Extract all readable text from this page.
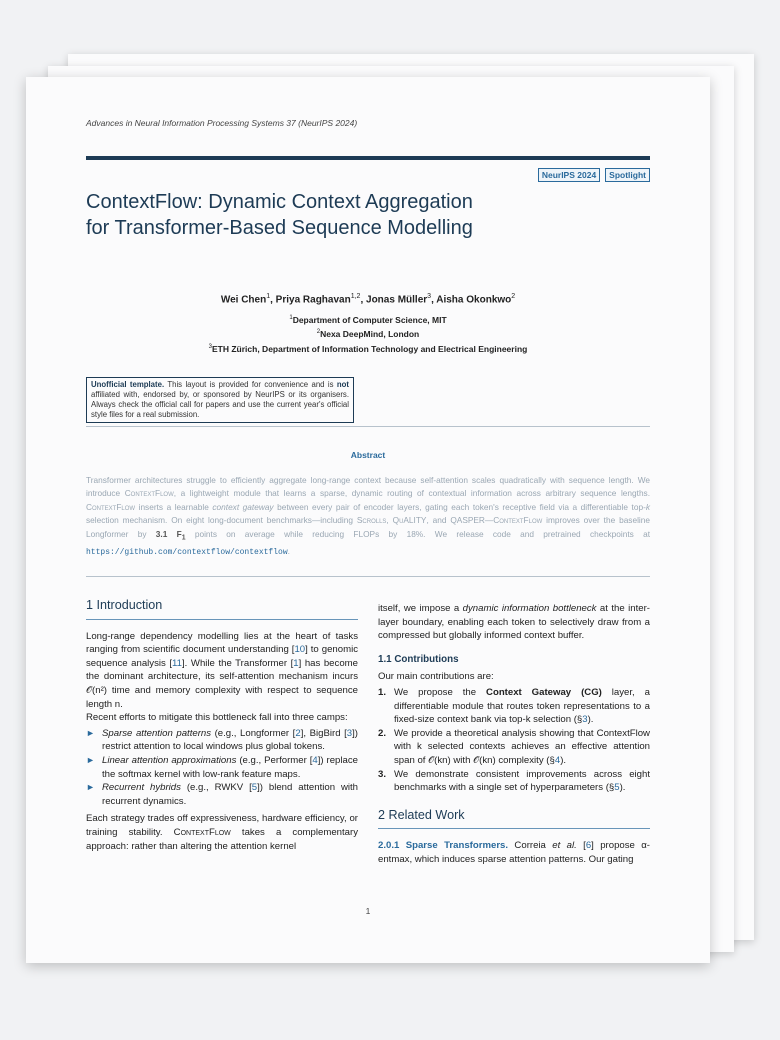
Advances in Neural Information Processing Systems 37 (NeurIPS 2024)
NeurIPS 2024	Spotlight
ContextFlow: Dynamic Context Aggregation
for Transformer-Based Sequence Modelling
Wei Chen$^1$, Priya Raghavan$^{1,2}$, Jonas Müller$^3$, Aisha Okonkwo$^2$
$^1$Department of Computer Science, MIT
$^2$Nexa DeepMind, London
$^3$ETH Zürich, Department of Information Technology and Electrical Engineering
Unofficial template. This layout is provided for convenience and is not affiliated with, endorsed by, or sponsored by NeurIPS or its organisers. Always check the official call for papers and use the current year's official style files for a real submission.
Abstract
Transformer architectures struggle to efficiently aggregate long-range context because self-attention scales quadratically with sequence length. We introduce ContextFlow, a lightweight module that learns a sparse, dynamic routing of contextual information across arbitrary sequence lengths. ContextFlow inserts a learnable context gateway between every pair of encoder layers, gating each token's receptive field via a differentiable top-k selection mechanism. On eight long-document benchmarks—including Scrolls, QuALITY, and QASPER—ContextFlow improves over the baseline Longformer by 3.1 $F_1$ points on average while reducing FLOPs by 18%. We release code and pretrained checkpoints at https://github.com/contextflow/contextflow.
1 Introduction

Long-range dependency modelling lies at the heart of tasks ranging from scientific document understanding [10] to genomic sequence analysis [11]. While the Transformer [1] has become the dominant architecture, its self-attention mechanism incurs 𝒪(n²) time and memory complexity with respect to sequence length n.

Recent efforts to mitigate this bottleneck fall into three camps:

► Sparse attention patterns (e.g., Longformer [2], BigBird [3]) restrict attention to local windows plus global tokens.
► Linear attention approximations (e.g., Performer [4]) replace the softmax kernel with low-rank feature maps.
► Recurrent hybrids (e.g., RWKV [5]) blend attention with recurrent dynamics.

Each strategy trades off expressiveness, hardware efficiency, or training stability. ContextFlow takes a complementary approach: rather than altering the attention kernel

itself, we impose a dynamic information bottleneck at the inter-layer boundary, enabling each token to selectively draw from a compressed but globally informed context buffer.

1.1 Contributions

Our main contributions are:

1. We propose the Context Gateway (CG) layer, a differentiable module that routes token representations to a fixed-size context bank via top-k selection (§3).
2. We provide a theoretical analysis showing that ContextFlow with k selected contexts achieves an effective attention span of 𝒪(kn) with 𝒪(kn) complexity (§4).
3. We demonstrate consistent improvements across eight benchmarks with a single set of hyperparameters (§5).
2 Related Work

2.0.1 Sparse Transformers. Correia et al. [6] propose α-entmax, which induces sparse attention patterns. Our gating

1
